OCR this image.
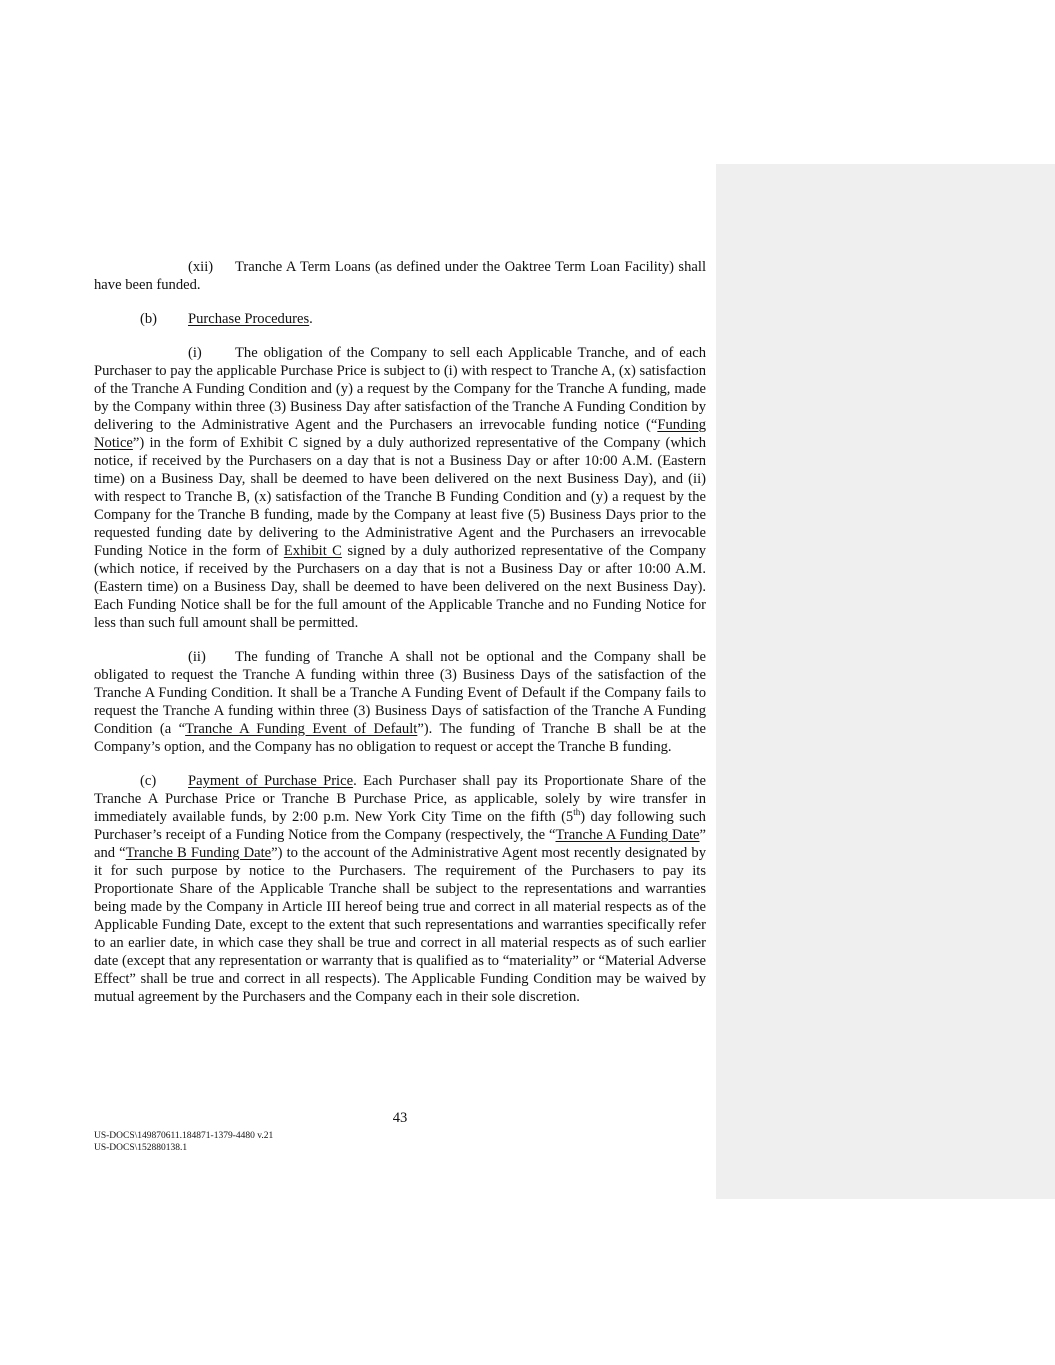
(xii) Tranche A Term Loans (as defined under the Oaktree Term Loan Facility) shall have been funded.

(b) Purchase Procedures.

(i) The obligation of the Company to sell each Applicable Tranche, and of each Purchaser to pay the applicable Purchase Price is subject to (i) with respect to Tranche A, (x) satisfaction of the Tranche A Funding Condition and (y) a request by the Company for the Tranche A funding, made by the Company within three (3) Business Day after satisfaction of the Tranche A Funding Condition by delivering to the Administrative Agent and the Purchasers an irrevocable funding notice (“Funding Notice”) in the form of Exhibit C signed by a duly authorized representative of the Company (which notice, if received by the Purchasers on a day that is not a Business Day or after 10:00 A.M. (Eastern time) on a Business Day, shall be deemed to have been delivered on the next Business Day), and (ii) with respect to Tranche B, (x) satisfaction of the Tranche B Funding Condition and (y) a request by the Company for the Tranche B funding, made by the Company at least five (5) Business Days prior to the requested funding date by delivering to the Administrative Agent and the Purchasers an irrevocable Funding Notice in the form of Exhibit C signed by a duly authorized representative of the Company (which notice, if received by the Purchasers on a day that is not a Business Day or after 10:00 A.M. (Eastern time) on a Business Day, shall be deemed to have been delivered on the next Business Day). Each Funding Notice shall be for the full amount of the Applicable Tranche and no Funding Notice for less than such full amount shall be permitted.

(ii) The funding of Tranche A shall not be optional and the Company shall be obligated to request the Tranche A funding within three (3) Business Days of the satisfaction of the Tranche A Funding Condition. It shall be a Tranche A Funding Event of Default if the Company fails to request the Tranche A funding within three (3) Business Days of satisfaction of the Tranche A Funding Condition (a “Tranche A Funding Event of Default”). The funding of Tranche B shall be at the Company’s option, and the Company has no obligation to request or accept the Tranche B funding.

(c) Payment of Purchase Price. Each Purchaser shall pay its Proportionate Share of the Tranche A Purchase Price or Tranche B Purchase Price, as applicable, solely by wire transfer in immediately available funds, by 2:00 p.m. New York City Time on the fifth (5th) day following such Purchaser’s receipt of a Funding Notice from the Company (respectively, the “Tranche A Funding Date” and “Tranche B Funding Date”) to the account of the Administrative Agent most recently designated by it for such purpose by notice to the Purchasers. The requirement of the Purchasers to pay its Proportionate Share of the Applicable Tranche shall be subject to the representations and warranties being made by the Company in Article III hereof being true and correct in all material respects as of the Applicable Funding Date, except to the extent that such representations and warranties specifically refer to an earlier date, in which case they shall be true and correct in all material respects as of such earlier date (except that any representation or warranty that is qualified as to “materiality” or “Material Adverse Effect” shall be true and correct in all respects). The Applicable Funding Condition may be waived by mutual agreement by the Purchasers and the Company each in their sole discretion.

43
US-DOCS\149870611.184871-1379-4480 v.21
US-DOCS\152880138.1
